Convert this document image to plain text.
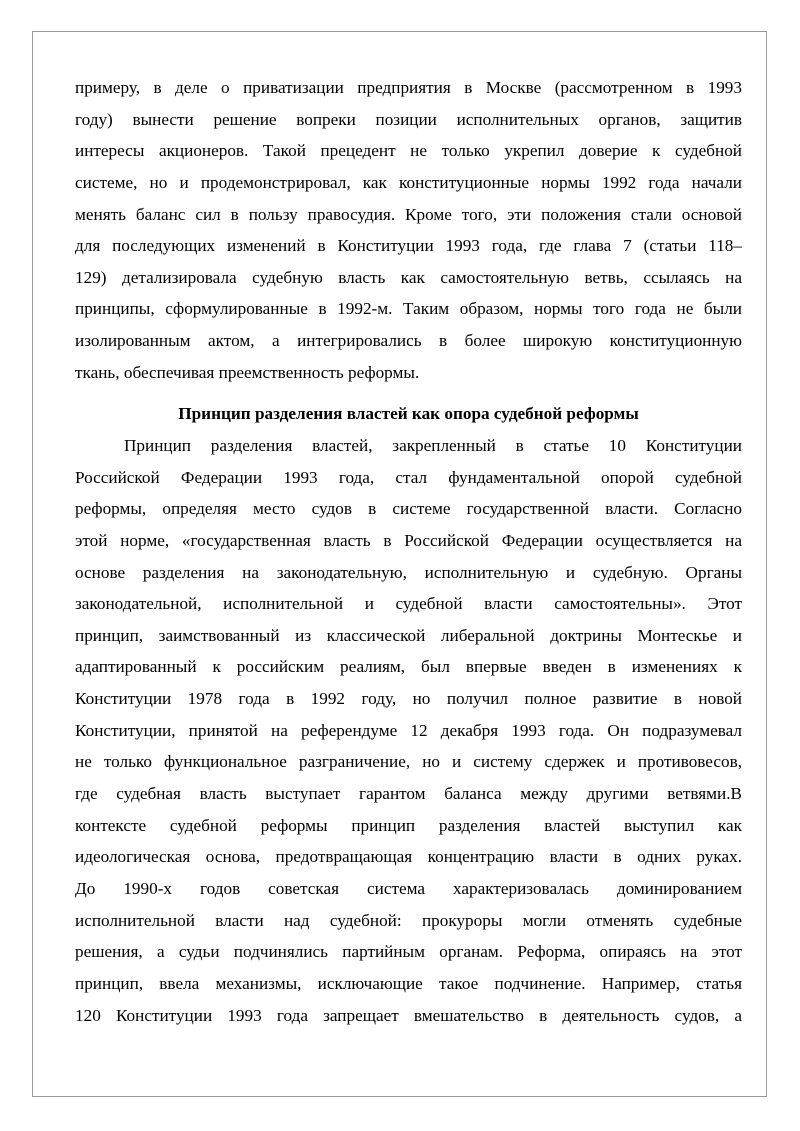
примеру, в деле о приватизации предприятия в Москве (рассмотренном в 1993
году) вынести решение вопреки позиции исполнительных органов, защитив
интересы акционеров. Такой прецедент не только укрепил доверие к судебной
системе, но и продемонстрировал, как конституционные нормы 1992 года начали
менять баланс сил в пользу правосудия. Кроме того, эти положения стали основой
для последующих изменений в Конституции 1993 года, где глава 7 (статьи 118–
129) детализировала судебную власть как самостоятельную ветвь, ссылаясь на
принципы, сформулированные в 1992-м. Таким образом, нормы того года не были
изолированным актом, а интегрировались в более широкую конституционную
ткань, обеспечивая преемственность реформы.
Принцип разделения властей как опора судебной реформы
Принцип разделения властей, закрепленный в статье 10 Конституции
Российской Федерации 1993 года, стал фундаментальной опорой судебной
реформы, определяя место судов в системе государственной власти. Согласно
этой норме, «государственная власть в Российской Федерации осуществляется на
основе разделения на законодательную, исполнительную и судебную. Органы
законодательной, исполнительной и судебной власти самостоятельны». Этот
принцип, заимствованный из классической либеральной доктрины Монтескье и
адаптированный к российским реалиям, был впервые введен в изменениях к
Конституции 1978 года в 1992 году, но получил полное развитие в новой
Конституции, принятой на референдуме 12 декабря 1993 года. Он подразумевал
не только функциональное разграничение, но и систему сдержек и противовесов,
где судебная власть выступает гарантом баланса между другими ветвями.В
контексте судебной реформы принцип разделения властей выступил как
идеологическая основа, предотвращающая концентрацию власти в одних руках.
До 1990-х годов советская система характеризовалась доминированием
исполнительной власти над судебной: прокуроры могли отменять судебные
решения, а судьи подчинялись партийным органам. Реформа, опираясь на этот
принцип, ввела механизмы, исключающие такое подчинение. Например, статья
120 Конституции 1993 года запрещает вмешательство в деятельность судов, а
